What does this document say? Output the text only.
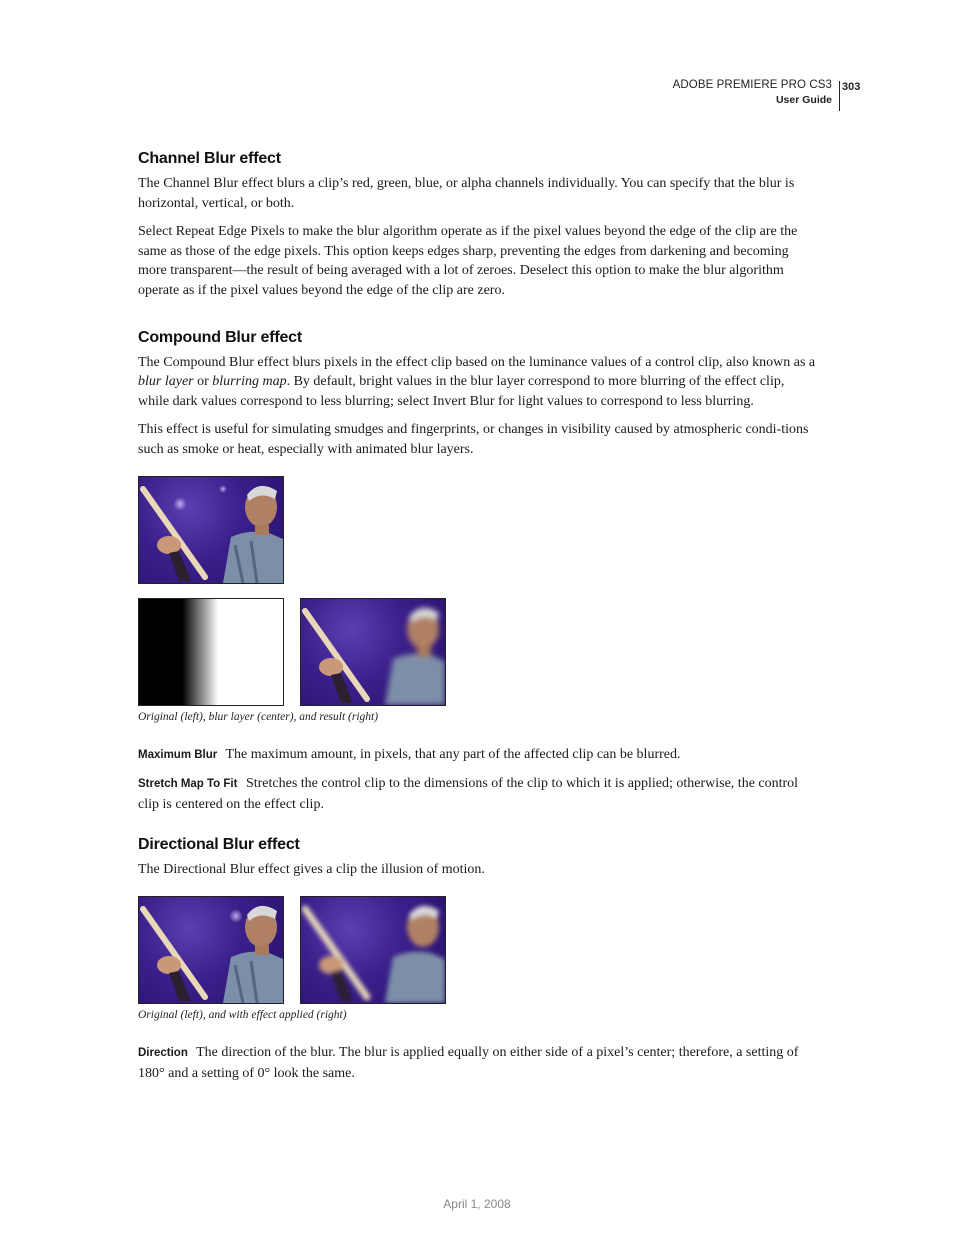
ADOBE PREMIERE PRO CS3
User Guide
303
Channel Blur effect

The Channel Blur effect blurs a clip’s red, green, blue, or alpha channels individually. You can specify that the blur is horizontal, vertical, or both.

Select Repeat Edge Pixels to make the blur algorithm operate as if the pixel values beyond the edge of the clip are the same as those of the edge pixels. This option keeps edges sharp, preventing the edges from darkening and becoming more transparent—the result of being averaged with a lot of zeroes. Deselect this option to make the blur algorithm operate as if the pixel values beyond the edge of the clip are zero.

Compound Blur effect

The Compound Blur effect blurs pixels in the effect clip based on the luminance values of a control clip, also known as a blur layer or blurring map. By default, bright values in the blur layer correspond to more blurring of the effect clip, while dark values correspond to less blurring; select Invert Blur for light values to correspond to less blurring.

This effect is useful for simulating smudges and fingerprints, or changes in visibility caused by atmospheric condi-tions such as smoke or heat, especially with animated blur layers.

Original (left), blur layer (center), and result (right)

Maximum Blur The maximum amount, in pixels, that any part of the affected clip can be blurred.

Stretch Map To Fit Stretches the control clip to the dimensions of the clip to which it is applied; otherwise, the control clip is centered on the effect clip.

Directional Blur effect

The Directional Blur effect gives a clip the illusion of motion.

Original (left), and with effect applied (right)

Direction The direction of the blur. The blur is applied equally on either side of a pixel’s center; therefore, a setting of 180° and a setting of 0° look the same.

April 1, 2008
